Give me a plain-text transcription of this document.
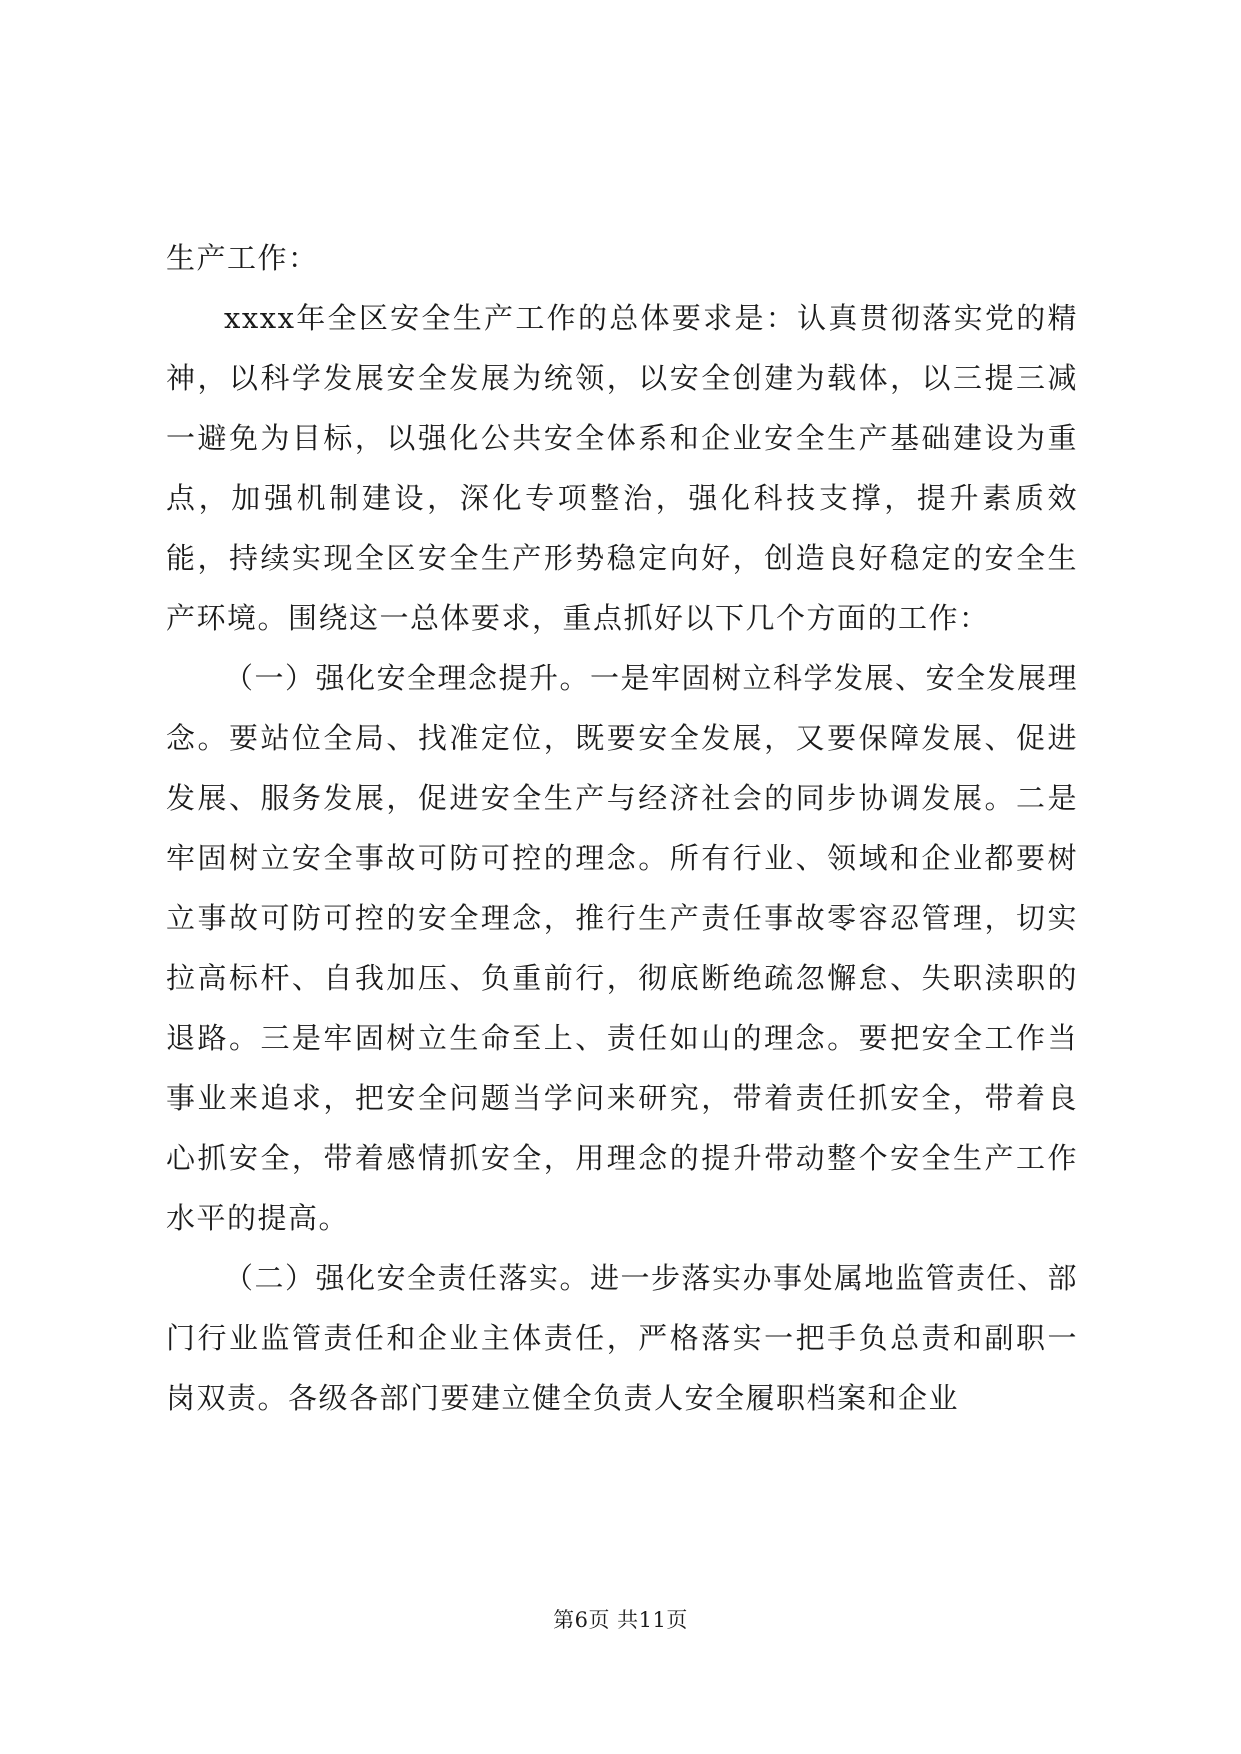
生产工作：

xxxx年全区安全生产工作的总体要求是：认真贯彻落实党的精神，以科学发展安全发展为统领，以安全创建为载体，以三提三减一避免为目标，以强化公共安全体系和企业安全生产基础建设为重点，加强机制建设，深化专项整治，强化科技支撑，提升素质效能，持续实现全区安全生产形势稳定向好，创造良好稳定的安全生产环境。围绕这一总体要求，重点抓好以下几个方面的工作：

（一）强化安全理念提升。一是牢固树立科学发展、安全发展理念。要站位全局、找准定位，既要安全发展，又要保障发展、促进发展、服务发展，促进安全生产与经济社会的同步协调发展。二是牢固树立安全事故可防可控的理念。所有行业、领域和企业都要树立事故可防可控的安全理念，推行生产责任事故零容忍管理，切实拉高标杆、自我加压、负重前行，彻底断绝疏忽懈怠、失职渎职的退路。三是牢固树立生命至上、责任如山的理念。要把安全工作当事业来追求，把安全问题当学问来研究，带着责任抓安全，带着良心抓安全，带着感情抓安全，用理念的提升带动整个安全生产工作水平的提高。

（二）强化安全责任落实。进一步落实办事处属地监管责任、部门行业监管责任和企业主体责任，严格落实一把手负总责和副职一岗双责。各级各部门要建立健全负责人安全履职档案和企业

第6页 共11页
